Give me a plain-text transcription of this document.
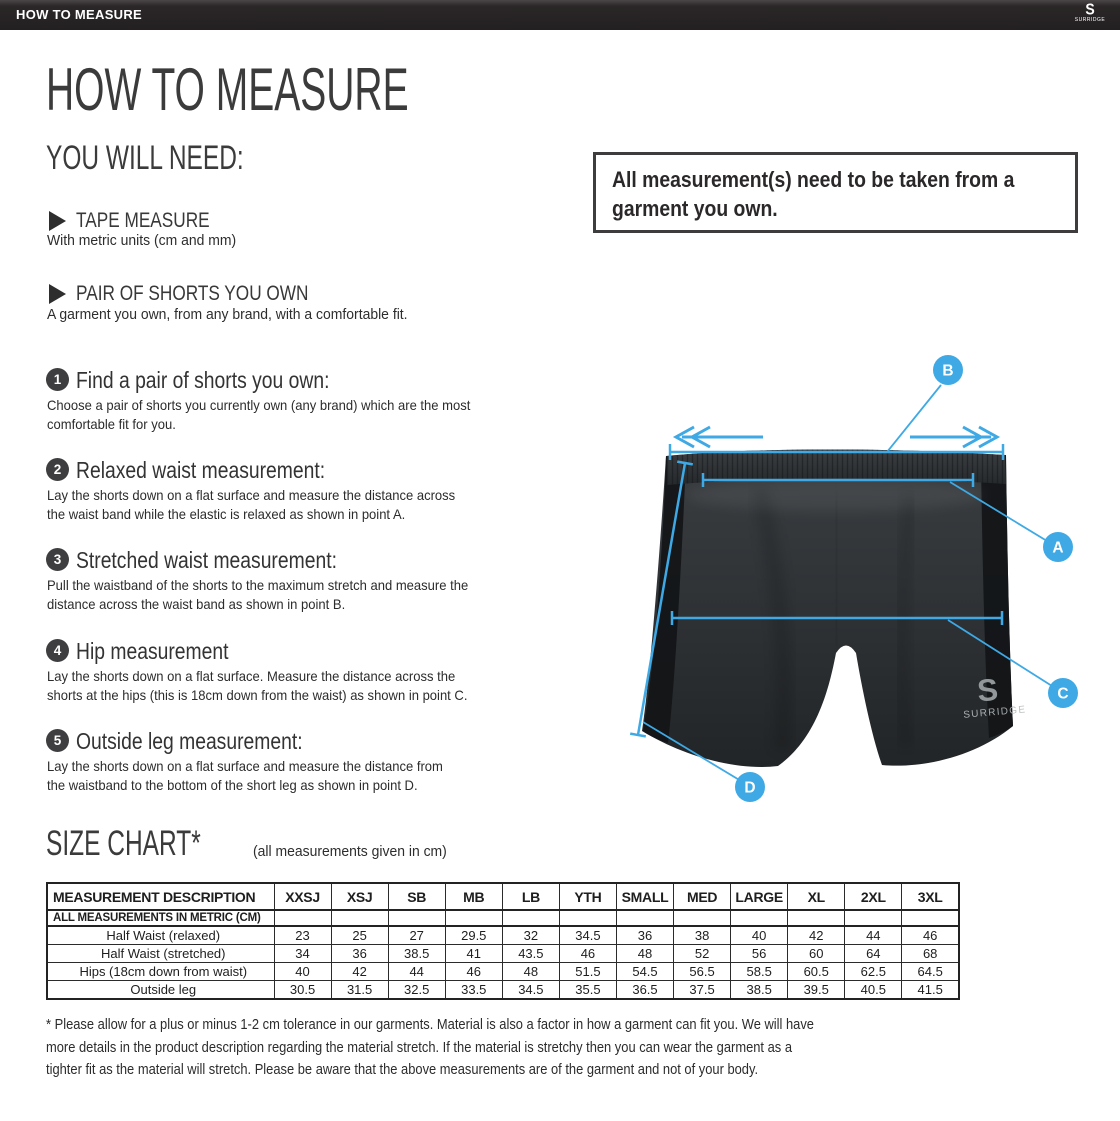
HOW TO MEASURE	S
SURRIDGE
HOW TO MEASURE
YOU WILL NEED:
TAPE MEASURE
With metric units (cm and mm)
PAIR OF SHORTS YOU OWN
A garment you own, from any brand, with a comfortable fit.
All measurement(s) need to be taken from a
garment you own.
1 Find a pair of shorts you own:
Choose a pair of shorts you currently own (any brand) which are the most
comfortable fit for you.
2 Relaxed waist measurement:
Lay the shorts down on a flat surface and measure the distance across
the waist band while the elastic is relaxed as shown in point A.
3 Stretched waist measurement:
Pull the waistband of the shorts to the maximum stretch and measure the
distance across the waist band as shown in point B.
4 Hip measurement
Lay the shorts down on a flat surface. Measure the distance across the
shorts at the hips (this is 18cm down from the waist) as shown in point C.
5 Outside leg measurement:
Lay the shorts down on a flat surface and measure the distance from
the waistband to the bottom of the short leg as shown in point D.
S
SURRIDGE
B
A
C
D
SIZE CHART*	(all measurements given in cm)
MEASUREMENT DESCRIPTION	XXSJ	XSJ	SB	MB	LB	YTH	SMALL	MED	LARGE	XL	2XL	3XL
ALL MEASUREMENTS IN METRIC (CM)												
Half Waist (relaxed)	23	25	27	29.5	32	34.5	36	38	40	42	44	46
Half Waist (stretched)	34	36	38.5	41	43.5	46	48	52	56	60	64	68
Hips (18cm down from waist)	40	42	44	46	48	51.5	54.5	56.5	58.5	60.5	62.5	64.5
Outside leg	30.5	31.5	32.5	33.5	34.5	35.5	36.5	37.5	38.5	39.5	40.5	41.5
* Please allow for a plus or minus 1-2 cm tolerance in our garments. Material is also a factor in how a garment can fit you. We will have
more details in the product description regarding the material stretch. If the material is stretchy then you can wear the garment as a
tighter fit as the material will stretch. Please be aware that the above measurements are of the garment and not of your body.
